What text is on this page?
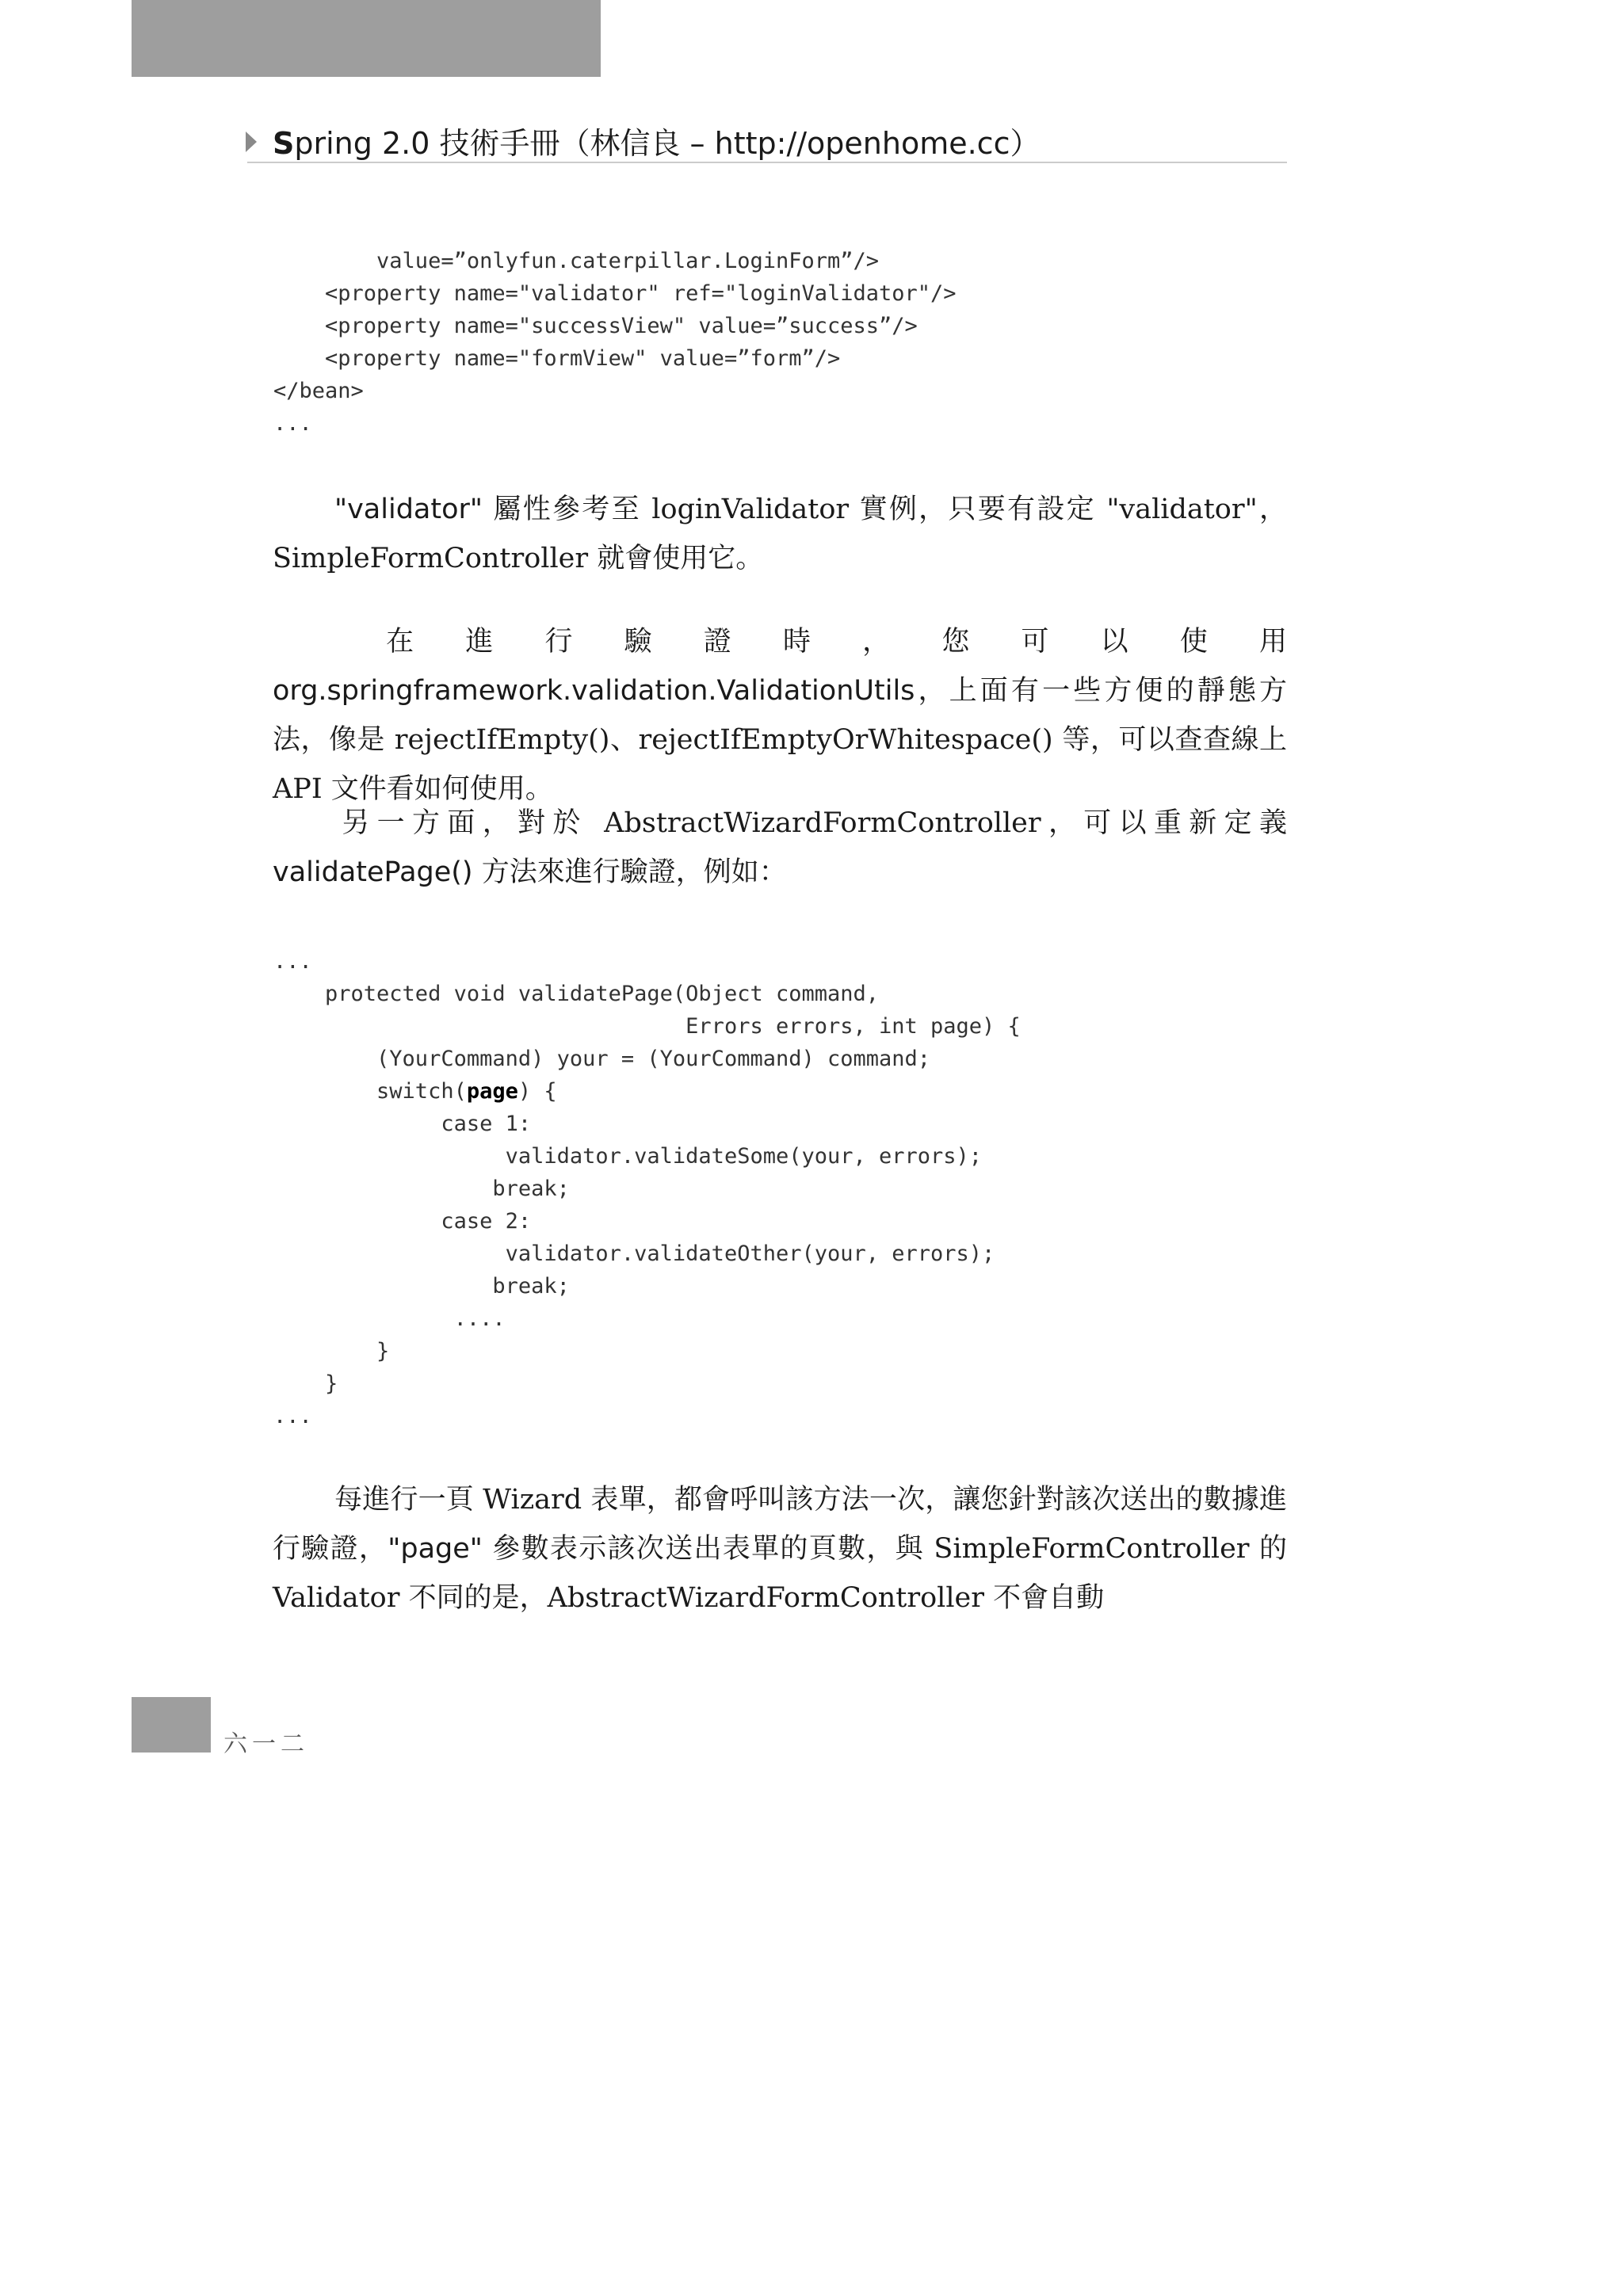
Spring 2.0 技術手冊（林信良 – http://openhome.cc）
value=”onlyfun.caterpillar.LoginForm”/>
<property name="validator" ref="loginValidator"/>
<property name="successView" value=”success”/>
<property name="formView" value=”form”/>
</bean>
...
"validator" 屬性參考至 loginValidator 實例，只要有設定 "validator"，SimpleFormController 就會使用它。
在進行驗證時，您可以使用 org.springframework.validation.ValidationUtils，上面有一些方便的靜態方法，像是 rejectIfEmpty()、rejectIfEmptyOrWhitespace() 等，可以查查線上 API 文件看如何使用。
另一方面，對於 AbstractWizardFormController，可以重新定義 validatePage() 方法來進行驗證，例如：
...
protected void validatePage(Object command,
Errors errors, int page) {
(YourCommand) your = (YourCommand) command;
switch(page) {
case 1:
validator.validateSome(your, errors);
break;
case 2:
validator.validateOther(your, errors);
break;
....
}
}
...
每進行一頁 Wizard 表單，都會呼叫該方法一次，讓您針對該次送出的數據進行驗證，"page" 參數表示該次送出表單的頁數，與 SimpleFormController 的 Validator 不同的是，AbstractWizardFormController 不會自動
六一二
